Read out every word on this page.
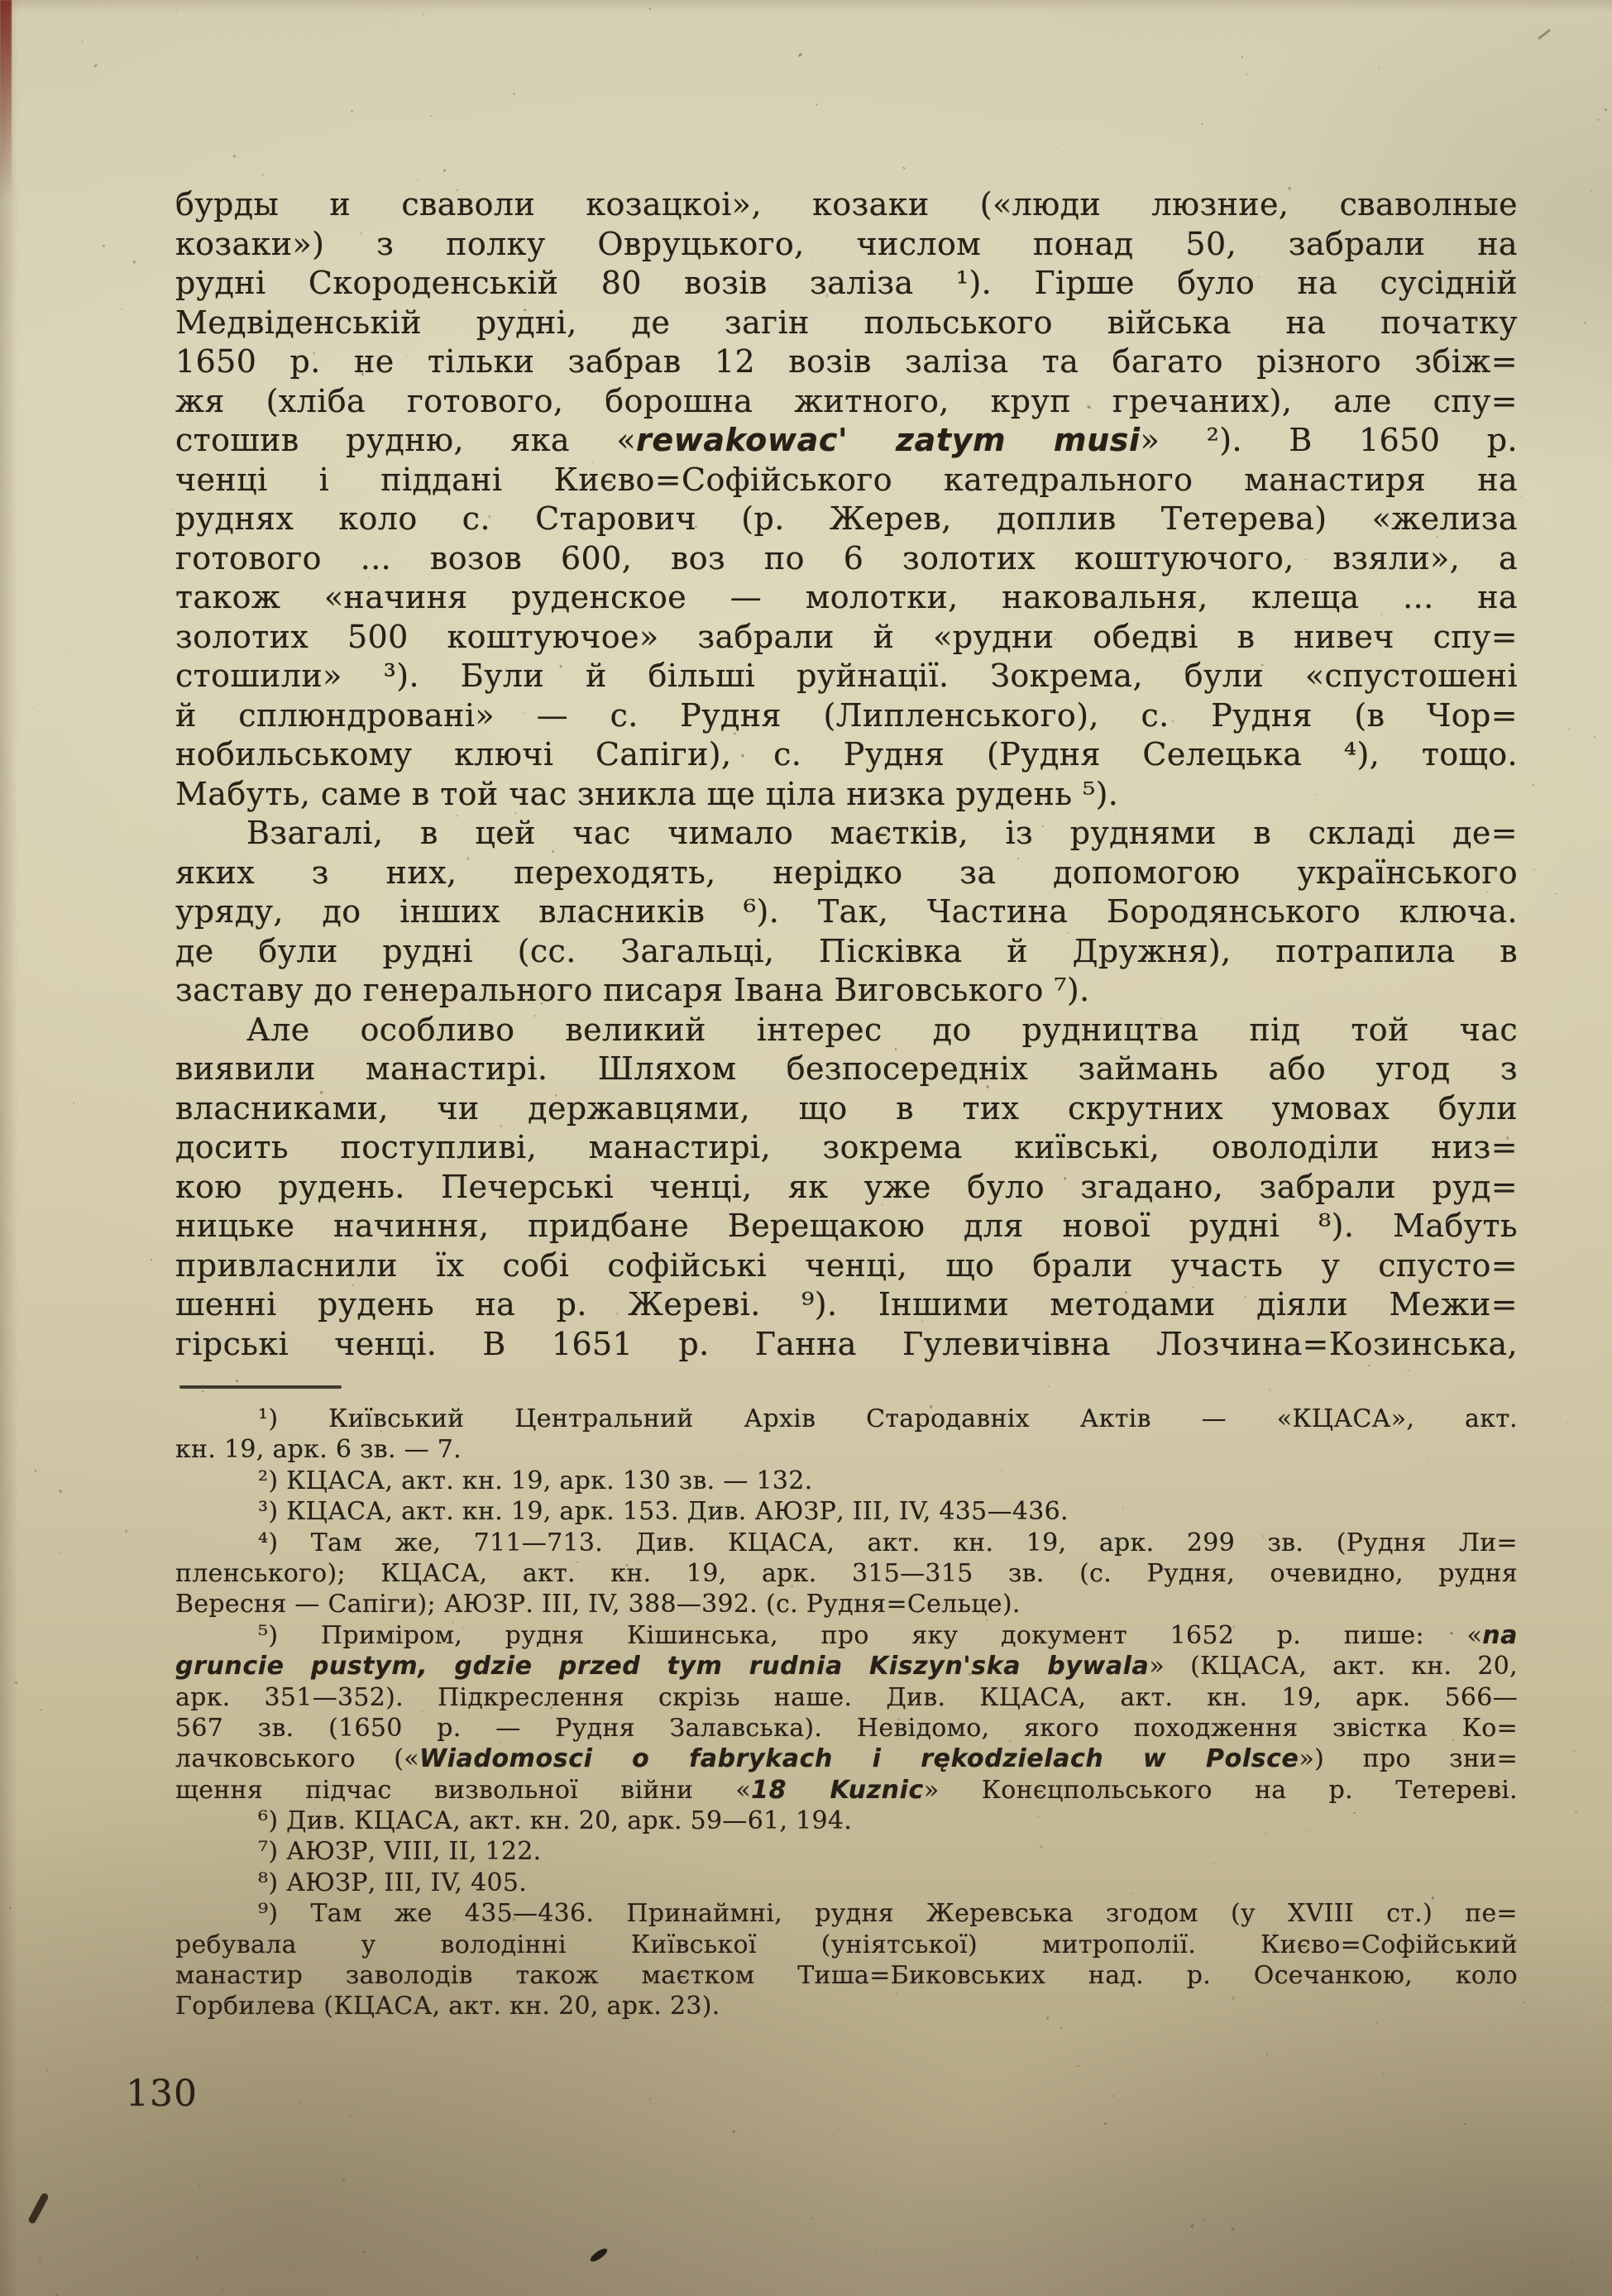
бурды и сваволи козацкоі», козаки («люди люзние, сваволные
козаки») з полку Овруцького, числом понад 50, забрали на
рудні Скороденській 80 возів заліза ¹). Гірше було на сусідній
Медвіденській рудні, де загін польського війська на початку
1650 р. не тільки забрав 12 возів заліза та багато різного збіж=
жя (хліба готового, борошна житного, круп гречаних), але спу=
стошив рудню, яка «rewakowac' zatym musi» ²). В 1650 р.
ченці і піддані Києво=Софійського катедрального манастиря на
руднях коло с. Старович (р. Жерев, доплив Тетерева) «желиза
готового ... возов 600, воз по 6 золотих коштуючого, взяли», а
також «начиня руденское — молотки, наковальня, клеща ... на
золотих 500 коштуючое» забрали й «рудни обедві в нивеч спу=
стошили» ³). Були й більші руйнації. Зокрема, були «спустошені
й сплюндровані» — с. Рудня (Липленського), с. Рудня (в Чор=
нобильському ключі Сапіги), с. Рудня (Рудня Селецька ⁴), тощо.
Мабуть, саме в той час зникла ще ціла низка рудень ⁵).
Взагалі, в цей час чимало маєтків, із руднями в складі де=
яких з них, переходять, нерідко за допомогою українського
уряду, до інших власників ⁶). Так, Частина Бородянського ключа.
де були рудні (сс. Загальці, Пісківка й Дружня), потрапила в
заставу до генерального писаря Івана Виговського ⁷).
Але особливо великий інтерес до рудництва під той час
виявили манастирі. Шляхом безпосередніх займань або угод з
власниками, чи державцями, що в тих скрутних умовах були
досить поступливі, манастирі, зокрема київські, оволоділи низ=
кою рудень. Печерські ченці, як уже було згадано, забрали руд=
ницьке начиння, придбане Верещакою для нової рудні ⁸). Мабуть
привласнили їх собі софійські ченці, що брали участь у спусто=
шенні рудень на р. Жереві. ⁹). Іншими методами діяли Межи=
гірські ченці. В 1651 р. Ганна Гулевичівна Лозчина=Козинська,
¹) Київський Центральний Архів Стародавніх Актів — «КЦАСА», акт.
кн. 19, арк. 6 зв. — 7.
²) КЦАСА, акт. кн. 19, арк. 130 зв. — 132.
³) КЦАСА, акт. кн. 19, арк. 153. Див. АЮЗР, III, IV, 435—436.
⁴) Там же, 711—713. Див. КЦАСА, акт. кн. 19, арк. 299 зв. (Рудня Ли=
пленського); КЦАСА, акт. кн. 19, арк. 315—315 зв. (с. Рудня, очевидно, рудня
Вересня — Сапіги); АЮЗР. III, IV, 388—392. (с. Рудня=Сельце).
⁵) Приміром, рудня Кішинська, про яку документ 1652 р. пише: «na
gruncie pustym, gdzie przed tym rudnia Kiszyn'ska bywala» (КЦАСА, акт. кн. 20,
арк. 351—352). Підкреслення скрізь наше. Див. КЦАСА, акт. кн. 19, арк. 566—
567 зв. (1650 р. — Рудня Залавська). Невідомо, якого походження звістка Ко=
лачковського («Wiadomosci o fabrykach i rękodzielach w Polsce») про зни=
щення підчас визвольної війни «18 Kuznic» Конєцпольського на р. Тетереві.
⁶) Див. КЦАСА, акт. кн. 20, арк. 59—61, 194.
⁷) АЮЗР, VIII, II, 122.
⁸) АЮЗР, III, IV, 405.
⁹) Там же 435—436. Принаймні, рудня Жеревська згодом (у XVIII ст.) пе=
ребувала у володінні Київської (уніятської) митрополії. Києво=Софійський
манастир заволодів також маєтком Тиша=Биковських над. р. Осечанкою, коло
Горбилева (КЦАСА, акт. кн. 20, арк. 23).
130
